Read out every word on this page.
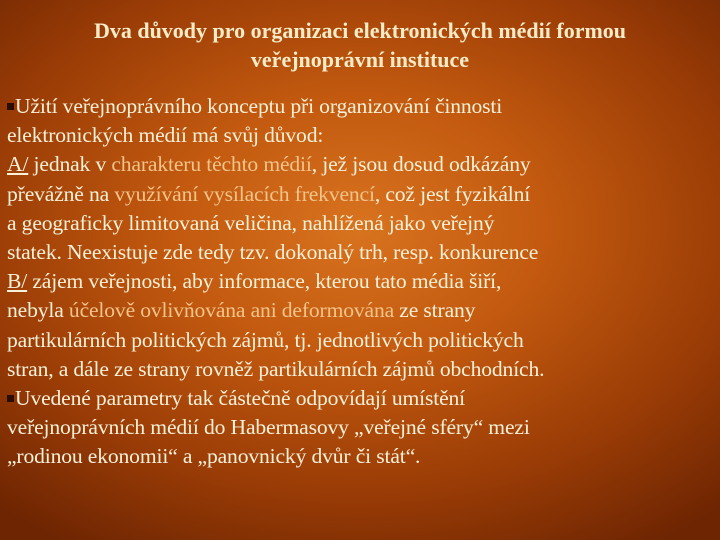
Dva důvody pro organizaci elektronických médií formou
veřejnoprávní instituce
Užití veřejnoprávního konceptu při organizování činnosti
elektronických médií má svůj důvod:
A/ jednak v charakteru těchto médií, jež jsou dosud odkázány
převážně na využívání vysílacích frekvencí, což jest fyzikální
a geograficky limitovaná veličina, nahlížená jako veřejný
statek. Neexistuje zde tedy tzv. dokonalý trh, resp. konkurence
B/ zájem veřejnosti, aby informace, kterou tato média šiří,
nebyla účelově ovlivňována ani deformována ze strany
partikulárních politických zájmů, tj. jednotlivých politických
stran, a dále ze strany rovněž partikulárních zájmů obchodních.
Uvedené parametry tak částečně odpovídají umístění
veřejnoprávních médií do Habermasovy „veřejné sféry“ mezi
„rodinou ekonomii“ a „panovnický dvůr či stát“.
